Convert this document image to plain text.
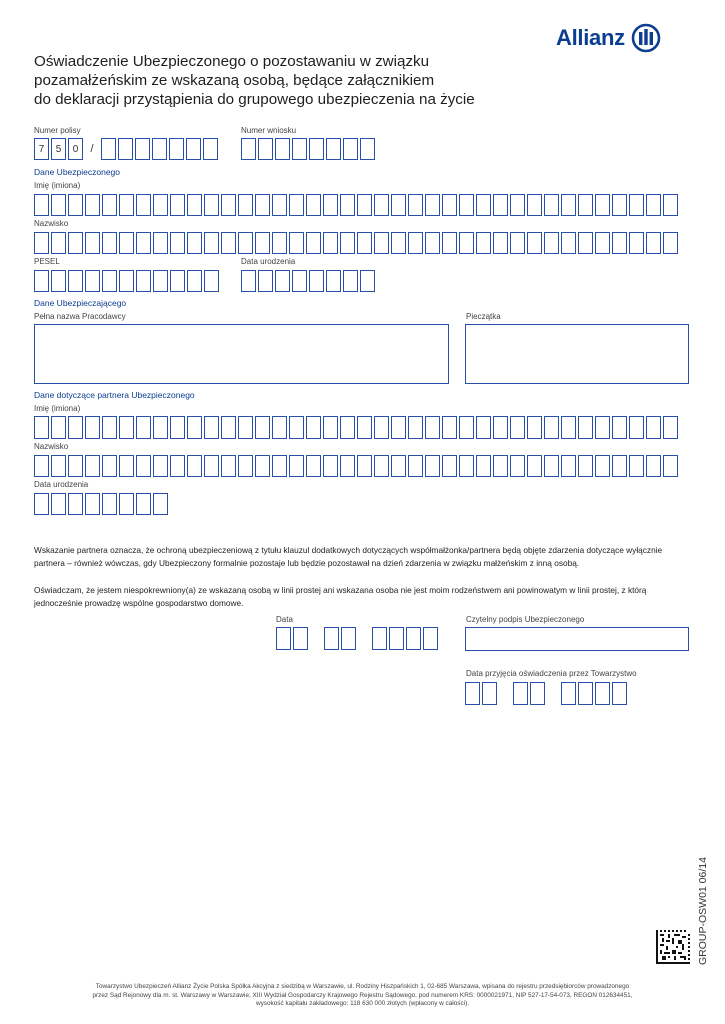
Allianz
Oświadczenie Ubezpieczonego o pozostawaniu w związku
pozamałżeńskim ze wskazaną osobą, będące załącznikiem
do deklaracji przystąpienia do grupowego ubezpieczenia na życie
Numer polisy
7	5	0	/
Numer wniosku
Dane Ubezpieczonego
Imię (imiona)
Nazwisko
PESEL	Data urodzenia
Dane Ubezpieczającego
Pełna nazwa Pracodawcy	Pieczątka
Dane dotyczące partnera Ubezpieczonego
Imię (imiona)
Nazwisko
Data urodzenia
Wskazanie partnera oznacza, że ochroną ubezpieczeniową z tytułu klauzul dodatkowych dotyczących współmałżonka/partnera będą objęte zdarzenia dotyczące wyłącznie partnera – również wówczas, gdy Ubezpieczony formalnie pozostaje lub będzie pozostawał na dzień zdarzenia w związku małżeńskim z inną osobą.
Oświadczam, że jestem niespokrewniony(a) ze wskazaną osobą w linii prostej ani wskazana osoba nie jest moim rodzeństwem ani powinowatym w linii prostej, z którą jednocześnie prowadzę wspólne gospodarstwo domowe.
Data	Czytelny podpis Ubezpieczonego
Data przyjęcia oświadczenia przez Towarzystwo
GROUP-OSW01 06/14
Towarzystwo Ubezpieczeń Allianz Życie Polska Spółka Akcyjna z siedzibą w Warszawie, ul. Rodziny Hiszpańskich 1, 02-685 Warszawa, wpisana do rejestru przedsiębiorców prowadzonego
przez Sąd Rejonowy dla m. st. Warszawy w Warszawie, XIII Wydział Gospodarczy Krajowego Rejestru Sądowego, pod numerem KRS: 0000021971, NIP 527-17-54-073, REGON 012634451,
wysokość kapitału zakładowego: 118 630 000 złotych (wpłacony w całości).
